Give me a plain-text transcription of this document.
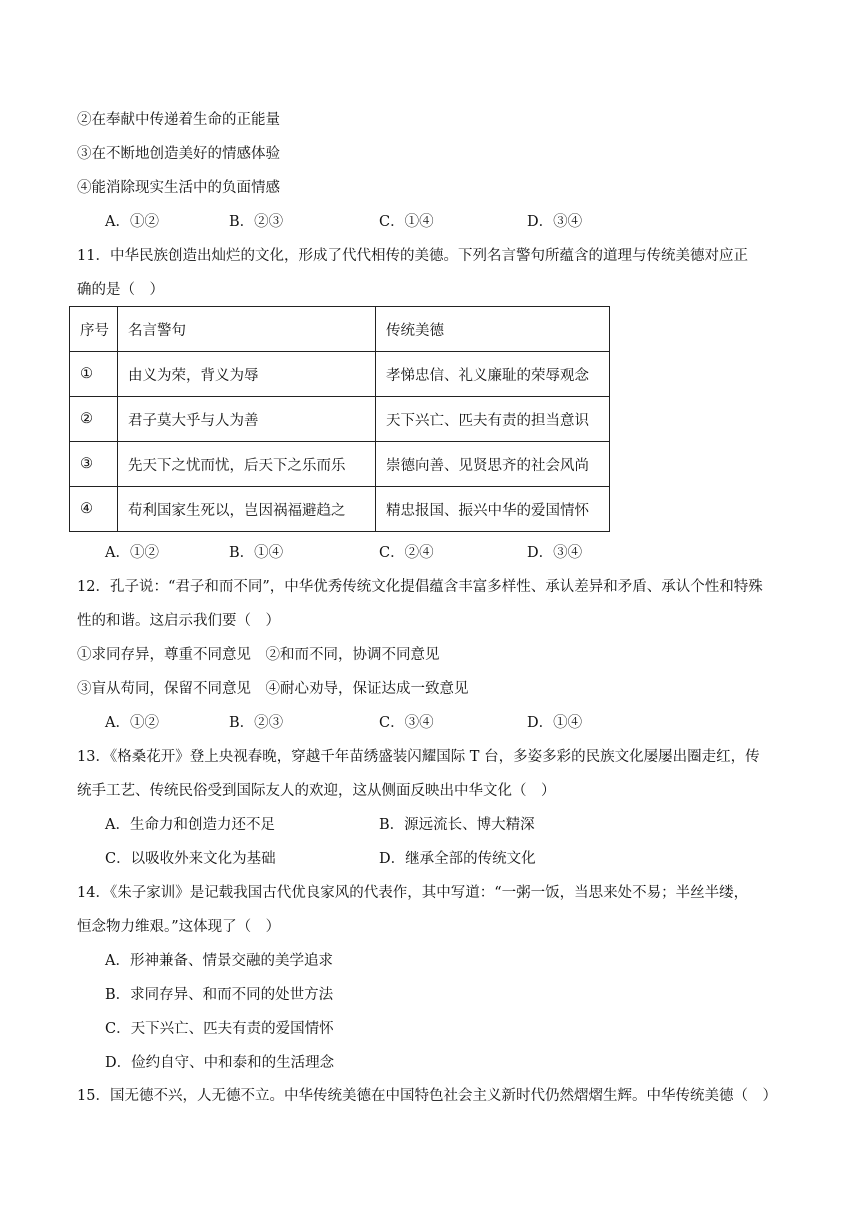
②在奉献中传递着生命的正能量
③在不断地创造美好的情感体验
④能消除现实生活中的负面情感
A．①②	B．②③	C．①④	D．③④
11．中华民族创造出灿烂的文化，形成了代代相传的美德。下列名言警句所蕴含的道理与传统美德对应正
确的是（　）
序号	名言警句	传统美德
①	由义为荣，背义为辱	孝悌忠信、礼义廉耻的荣辱观念
②	君子莫大乎与人为善	天下兴亡、匹夫有责的担当意识
③	先天下之忧而忧，后天下之乐而乐	崇德向善、见贤思齐的社会风尚
④	苟利国家生死以，岂因祸福避趋之	精忠报国、振兴中华的爱国情怀
A．①②	B．①④	C．②④	D．③④
12．孔子说：“君子和而不同”，中华优秀传统文化提倡蕴含丰富多样性、承认差异和矛盾、承认个性和特殊
性的和谐。这启示我们要（　）
①求同存异，尊重不同意见　②和而不同，协调不同意见
③盲从苟同，保留不同意见　④耐心劝导，保证达成一致意见
A．①②	B．②③	C．③④	D．①④
13．《格桑花开》登上央视春晚，穿越千年苗绣盛装闪耀国际 T 台，多姿多彩的民族文化屡屡出圈走红，传
统手工艺、传统民俗受到国际友人的欢迎，这从侧面反映出中华文化（　）
A．生命力和创造力还不足	B．源远流长、博大精深
C．以吸收外来文化为基础	D．继承全部的传统文化
14．《朱子家训》是记载我国古代优良家风的代表作，其中写道：“一粥一饭，当思来处不易；半丝半缕，
恒念物力维艰。”这体现了（　）
A．形神兼备、情景交融的美学追求
B．求同存异、和而不同的处世方法
C．天下兴亡、匹夫有责的爱国情怀
D．俭约自守、中和泰和的生活理念
15．国无德不兴，人无德不立。中华传统美德在中国特色社会主义新时代仍然熠熠生辉。中华传统美德（　）
